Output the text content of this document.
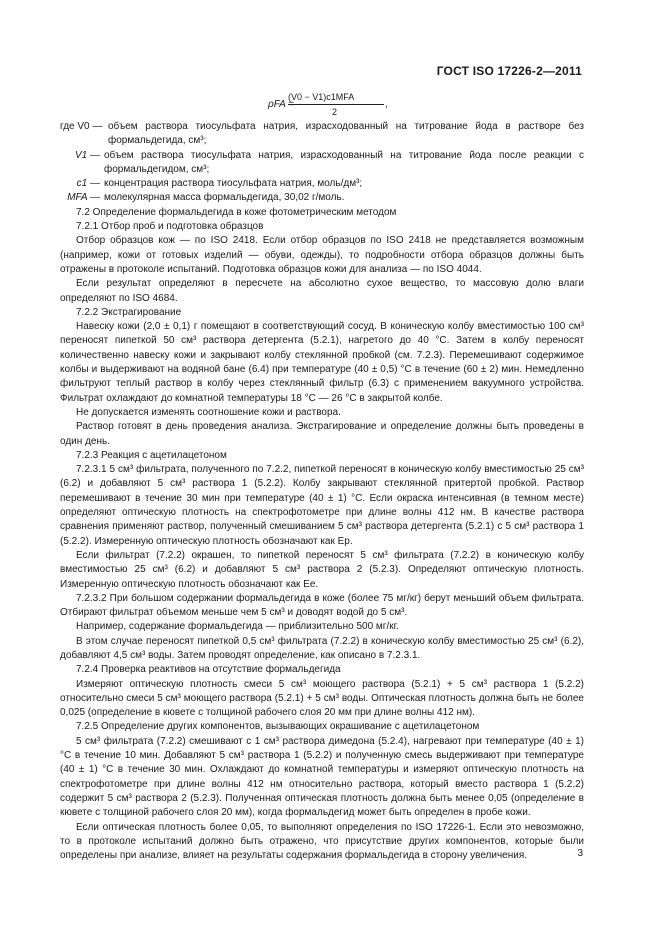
ГОСТ ISO 17226-2—2011
ρFA =
(V0 − V1)c1MFA
2
,
где V0 — объем раствора тиосульфата натрия, израсходованный на титрование йода в растворе без формальдегида, см³;
V1 — объем раствора тиосульфата натрия, израсходованный на титрование йода после реакции с формальдегидом, см³;
c1 — концентрация раствора тиосульфата натрия, моль/дм³;
MFA — молекулярная масса формальдегида, 30,02 г/моль.

7.2 Определение формальдегида в коже фотометрическим методом

7.2.1 Отбор проб и подготовка образцов

Отбор образцов кож — по ISO 2418. Если отбор образцов по ISO 2418 не представляется возможным (например, кожи от готовых изделий — обуви, одежды), то подробности отбора образцов должны быть отражены в протоколе испытаний. Подготовка образцов кожи для анализа — по ISO 4044.

Если результат определяют в пересчете на абсолютно сухое вещество, то массовую долю влаги определяют по ISO 4684.

7.2.2 Экстрагирование

Навеску кожи (2,0 ± 0,1) г помещают в соответствующий сосуд. В коническую колбу вместимостью 100 см³ переносят пипеткой 50 см³ раствора детергента (5.2.1), нагретого до 40 °С. Затем в колбу переносят количественно навеску кожи и закрывают колбу стеклянной пробкой (см. 7.2.3). Перемешивают содержимое колбы и выдерживают на водяной бане (6.4) при температуре (40 ± 0,5) °С в течение (60 ± 2) мин. Немедленно фильтруют теплый раствор в колбу через стеклянный фильтр (6.3) с применением вакуумного устройства. Фильтрат охлаждают до комнатной температуры 18 °С — 26 °С в закрытой колбе.

Не допускается изменять соотношение кожи и раствора.

Раствор готовят в день проведения анализа. Экстрагирование и определение должны быть проведены в один день.

7.2.3 Реакция с ацетилацетоном

7.2.3.1 5 см³ фильтрата, полученного по 7.2.2, пипеткой переносят в коническую колбу вместимостью 25 см³ (6.2) и добавляют 5 см³ раствора 1 (5.2.2). Колбу закрывают стеклянной притертой пробкой. Раствор перемешивают в течение 30 мин при температуре (40 ± 1) °С. Если окраска интенсивная (в темном месте) определяют оптическую плотность на спектрофотометре при длине волны 412 нм. В качестве раствора сравнения применяют раствор, полученный смешиванием 5 см³ раствора детергента (5.2.1) с 5 см³ раствора 1 (5.2.2). Измеренную оптическую плотность обозначают как Ep.

Если фильтрат (7.2.2) окрашен, то пипеткой переносят 5 см³ фильтрата (7.2.2) в коническую колбу вместимостью 25 см³ (6.2) и добавляют 5 см³ раствора 2 (5.2.3). Определяют оптическую плотность. Измеренную оптическую плотность обозначают как Ee.

7.2.3.2 При большом содержании формальдегида в коже (более 75 мг/кг) берут меньший объем фильтрата. Отбирают фильтрат объемом меньше чем 5 см³ и доводят водой до 5 см³.

Например, содержание формальдегида — приблизительно 500 мг/кг.

В этом случае переносят пипеткой 0,5 см³ фильтрата (7.2.2) в коническую колбу вместимостью 25 см³ (6.2), добавляют 4,5 см³ воды. Затем проводят определение, как описано в 7.2.3.1.

7.2.4 Проверка реактивов на отсутствие формальдегида

Измеряют оптическую плотность смеси 5 см³ моющего раствора (5.2.1) + 5 см³ раствора 1 (5.2.2) относительно смеси 5 см³ моющего раствора (5.2.1) + 5 см³ воды. Оптическая плотность должна быть не более 0,025 (определение в кювете с толщиной рабочего слоя 20 мм при длине волны 412 нм).

7.2.5 Определение других компонентов, вызывающих окрашивание с ацетилацетоном

5 см³ фильтрата (7.2.2) смешивают с 1 см³ раствора димедона (5.2.4), нагревают при температуре (40 ± 1) °С в течение 10 мин. Добавляют 5 см³ раствора 1 (5.2.2) и полученную смесь выдерживают при температуре (40 ± 1) °С в течение 30 мин. Охлаждают до комнатной температуры и измеряют оптическую плотность на спектрофотометре при длине волны 412 нм относительно раствора, который вместо раствора 1 (5.2.2) содержит 5 см³ раствора 2 (5.2.3). Полученная оптическая плотность должна быть менее 0,05 (определение в кювете с толщиной рабочего слоя 20 мм), когда формальдегид может быть определен в пробе кожи.

Если оптическая плотность более 0,05, то выполняют определения по ISO 17226-1. Если это невозможно, то в протоколе испытаний должно быть отражено, что присутствие других компонентов, которые были определены при анализе, влияет на результаты содержания формальдегида в сторону увеличения.	3
